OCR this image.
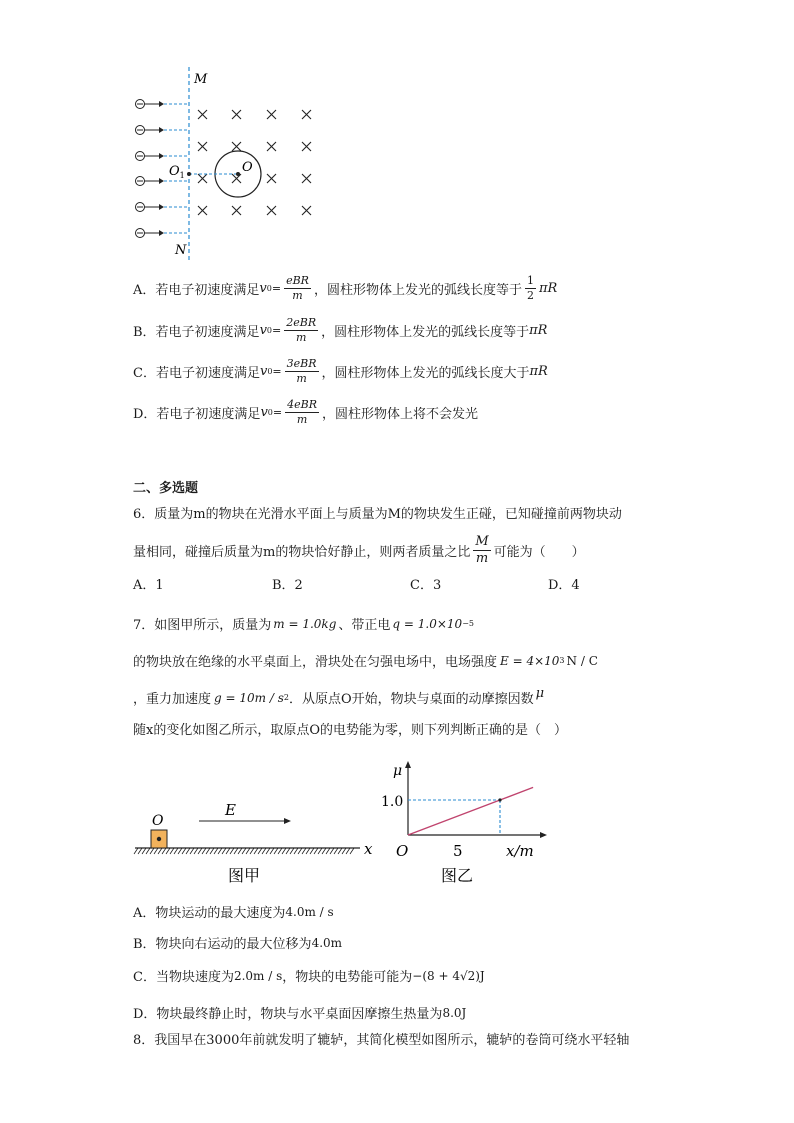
M
N
$O_1$
O
A．若电子初速度满足 v $0 = \frac{\text{eBR}}{m}$ ，圆柱形物体上发光的弧线长度等于 $\frac{1}{2}$ πR
B．若电子初速度满足 v $0 = \frac{\text{2eBR}}{m}$ ，圆柱形物体上发光的弧线长度等于 πR
C．若电子初速度满足 v $0 = \frac{\text{3eBR}}{m}$ ，圆柱形物体上发光的弧线长度大于 πR
D．若电子初速度满足 v $0 = \frac{\text{4eBR}}{m}$ ，圆柱形物体上将不会发光
二、多选题
6．质量为m的物块在光滑水平面上与质量为M的物块发生正碰，已知碰撞前两物块动
量相同，碰撞后质量为m的物块恰好静止，则两者质量之比 $\frac{M}{m}$ 可能为（　　）
A．1	B．2	C．3	D．4
7．如图甲所示，质量为 m = 1.0kg 、带正电 q = 1.0×10 −5
的物块放在绝缘的水平桌面上，滑块处在匀强电场中，电场强度 E = 4×10 3 N / C
，重力加速度 g = 10m / s 2 ．从原点O开始，物块与桌面的动摩擦因数 μ
随x的变化如图乙所示，取原点O的电势能为零，则下列判断正确的是（　）
O
E
x
图甲
μ
O	x/m
1.0
5
图乙
A．物块运动的最大速度为 4.0m / s
B．物块向右运动的最大位移为 4.0m
C．当物块速度为 2.0m / s ，物块的电势能可能为 −(8 + 4√2)J
D．物块最终静止时，物块与水平桌面因摩擦生热量为 8.0J
8．我国早在3000年前就发明了辘轳，其简化模型如图所示，辘轳的卷筒可绕水平轻轴
